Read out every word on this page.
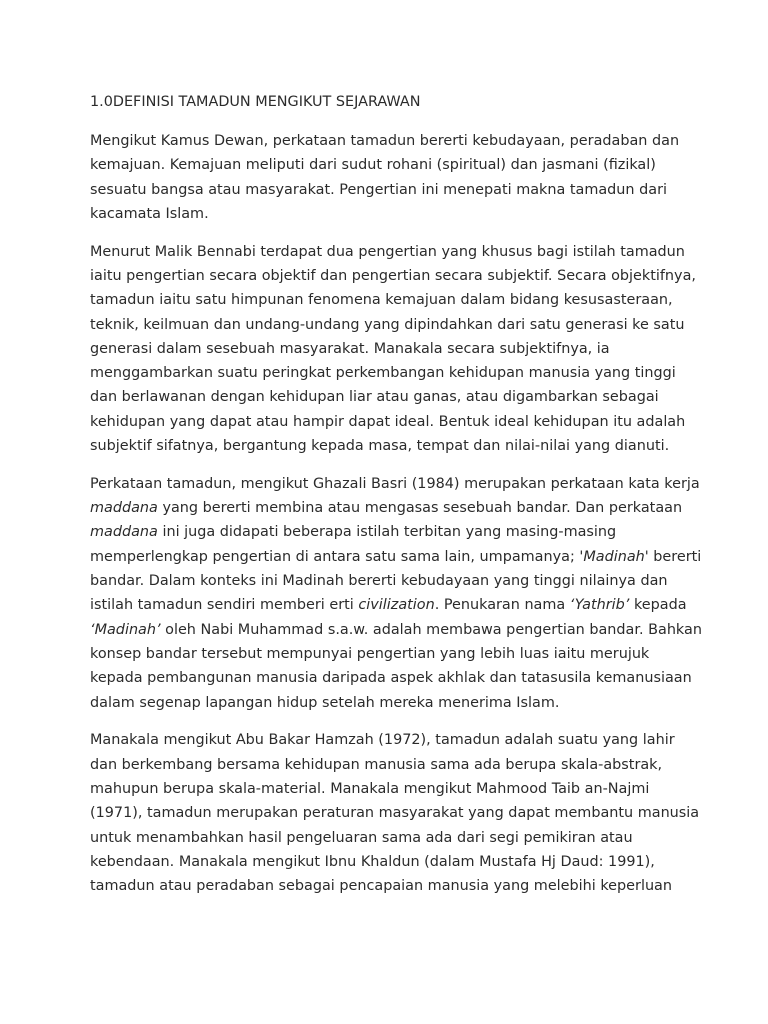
1.0DEFINISI TAMADUN MENGIKUT SEJARAWAN
Mengikut Kamus Dewan, perkataan tamadun bererti kebudayaan, peradaban dan
kemajuan. Kemajuan meliputi dari sudut rohani (spiritual) dan jasmani (fizikal)
sesuatu bangsa atau masyarakat. Pengertian ini menepati makna tamadun dari
kacamata Islam.
Menurut Malik Bennabi terdapat dua pengertian yang khusus bagi istilah tamadun
iaitu pengertian secara objektif dan pengertian secara subjektif. Secara objektifnya,
tamadun iaitu satu himpunan fenomena kemajuan dalam bidang kesusasteraan,
teknik, keilmuan dan undang-undang yang dipindahkan dari satu generasi ke satu
generasi dalam sesebuah masyarakat. Manakala secara subjektifnya, ia
menggambarkan suatu peringkat perkembangan kehidupan manusia yang tinggi
dan berlawanan dengan kehidupan liar atau ganas, atau digambarkan sebagai
kehidupan yang dapat atau hampir dapat ideal. Bentuk ideal kehidupan itu adalah
subjektif sifatnya, bergantung kepada masa, tempat dan nilai-nilai yang dianuti.
Perkataan tamadun, mengikut Ghazali Basri (1984) merupakan perkataan kata kerja
maddana yang bererti membina atau mengasas sesebuah bandar. Dan perkataan
maddana ini juga didapati beberapa istilah terbitan yang masing-masing
memperlengkap pengertian di antara satu sama lain, umpamanya; 'Madinah' bererti
bandar. Dalam konteks ini Madinah bererti kebudayaan yang tinggi nilainya dan
istilah tamadun sendiri memberi erti civilization. Penukaran nama ‘Yathrib’ kepada
‘Madinah’ oleh Nabi Muhammad s.a.w. adalah membawa pengertian bandar. Bahkan
konsep bandar tersebut mempunyai pengertian yang lebih luas iaitu merujuk
kepada pembangunan manusia daripada aspek akhlak dan tatasusila kemanusiaan
dalam segenap lapangan hidup setelah mereka menerima Islam.
Manakala mengikut Abu Bakar Hamzah (1972), tamadun adalah suatu yang lahir
dan berkembang bersama kehidupan manusia sama ada berupa skala-abstrak,
mahupun berupa skala-material. Manakala mengikut Mahmood Taib an-Najmi
(1971), tamadun merupakan peraturan masyarakat yang dapat membantu manusia
untuk menambahkan hasil pengeluaran sama ada dari segi pemikiran atau
kebendaan. Manakala mengikut Ibnu Khaldun (dalam Mustafa Hj Daud: 1991),
tamadun atau peradaban sebagai pencapaian manusia yang melebihi keperluan
